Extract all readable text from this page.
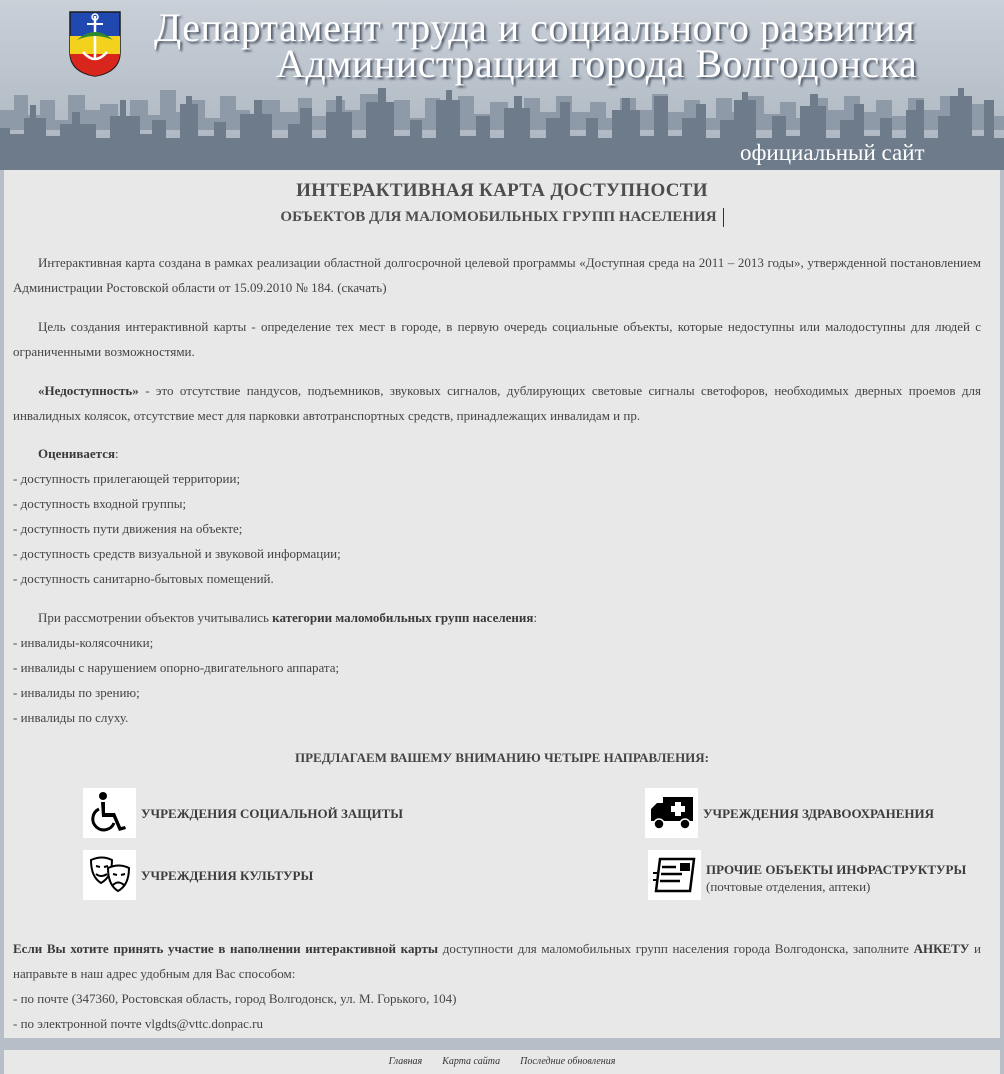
Департамент труда и социального развития
Администрации города Волгодонска
официальный сайт
ИНТЕРАКТИВНАЯ КАРТА ДОСТУПНОСТИ
ОБЪЕКТОВ ДЛЯ МАЛОМОБИЛЬНЫХ ГРУПП НАСЕЛЕНИЯ
Интерактивная карта создана в рамках реализации областной долгосрочной целевой программы «Доступная среда на 2011 – 2013 годы», утвержденной постановлением Администрации Ростовской области от 15.09.2010 № 184. (скачать)
Цель создания интерактивной карты - определение тех мест в городе, в первую очередь социальные объекты, которые недоступны или малодоступны для людей с ограниченными возможностями.
«Недоступность» - это отсутствие пандусов, подъемников, звуковых сигналов, дублирующих световые сигналы светофоров, необходимых дверных проемов для инвалидных колясок, отсутствие мест для парковки автотранспортных средств, принадлежащих инвалидам и пр.
Оценивается:
- доступность прилегающей территории;
- доступность входной группы;
- доступность пути движения на объекте;
- доступность средств визуальной и звуковой информации;
- доступность санитарно-бытовых помещений.
При рассмотрении объектов учитывались категории маломобильных групп населения:
- инвалиды-колясочники;
- инвалиды с нарушением опорно-двигательного аппарата;
- инвалиды по зрению;
- инвалиды по слуху.
ПРЕДЛАГАЕМ ВАШЕМУ ВНИМАНИЮ ЧЕТЫРЕ НАПРАВЛЕНИЯ:
УЧРЕЖДЕНИЯ СОЦИАЛЬНОЙ ЗАЩИТЫ	УЧРЕЖДЕНИЯ ЗДРАВООХРАНЕНИЯ
УЧРЕЖДЕНИЯ КУЛЬТУРЫ	ПРОЧИЕ ОБЪЕКТЫ ИНФРАСТРУКТУРЫ
(почтовые отделения, аптеки)
Если Вы хотите принять участие в наполнении интерактивной карты доступности для маломобильных групп населения города Волгодонска, заполните АНКЕТУ и направьте в наш адрес удобным для Вас способом:
- по почте (347360, Ростовская область, город Волгодонск, ул. М. Горького, 104)
- по электронной почте vlgdts@vttc.donpac.ru
Главная Карта сайта Последние обновления
